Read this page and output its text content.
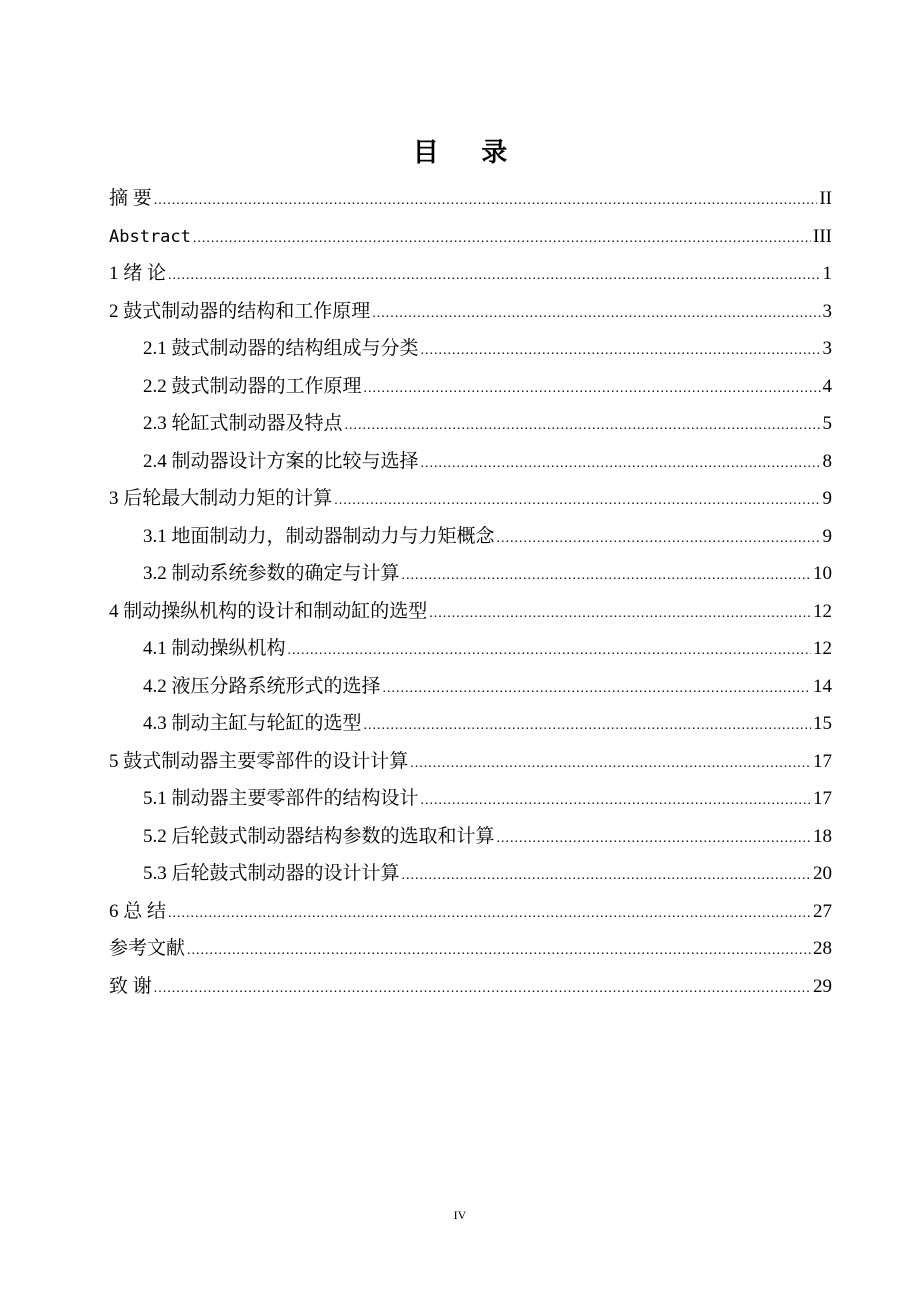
目 录
摘 要 .....	II
Abstract .....	III
1 绪 论 .....	1
2 鼓式制动器的结构和工作原理 .....	3
2.1 鼓式制动器的结构组成与分类 .....	3
2.2 鼓式制动器的工作原理 .....	4
2.3 轮缸式制动器及特点 .....	5
2.4 制动器设计方案的比较与选择 .....	8
3 后轮最大制动力矩的计算 .....	9
3.1 地面制动力，制动器制动力与力矩概念 .....	9
3.2 制动系统参数的确定与计算 .....	10
4 制动操纵机构的设计和制动缸的选型 .....	12
4.1 制动操纵机构 .....	12
4.2 液压分路系统形式的选择 .....	14
4.3 制动主缸与轮缸的选型 .....	15
5 鼓式制动器主要零部件的设计计算 .....	17
5.1 制动器主要零部件的结构设计 .....	17
5.2 后轮鼓式制动器结构参数的选取和计算 .....	18
5.3 后轮鼓式制动器的设计计算 .....	20
6 总 结 .....	27
参考文献 .....	28
致 谢 .....	29
IV
